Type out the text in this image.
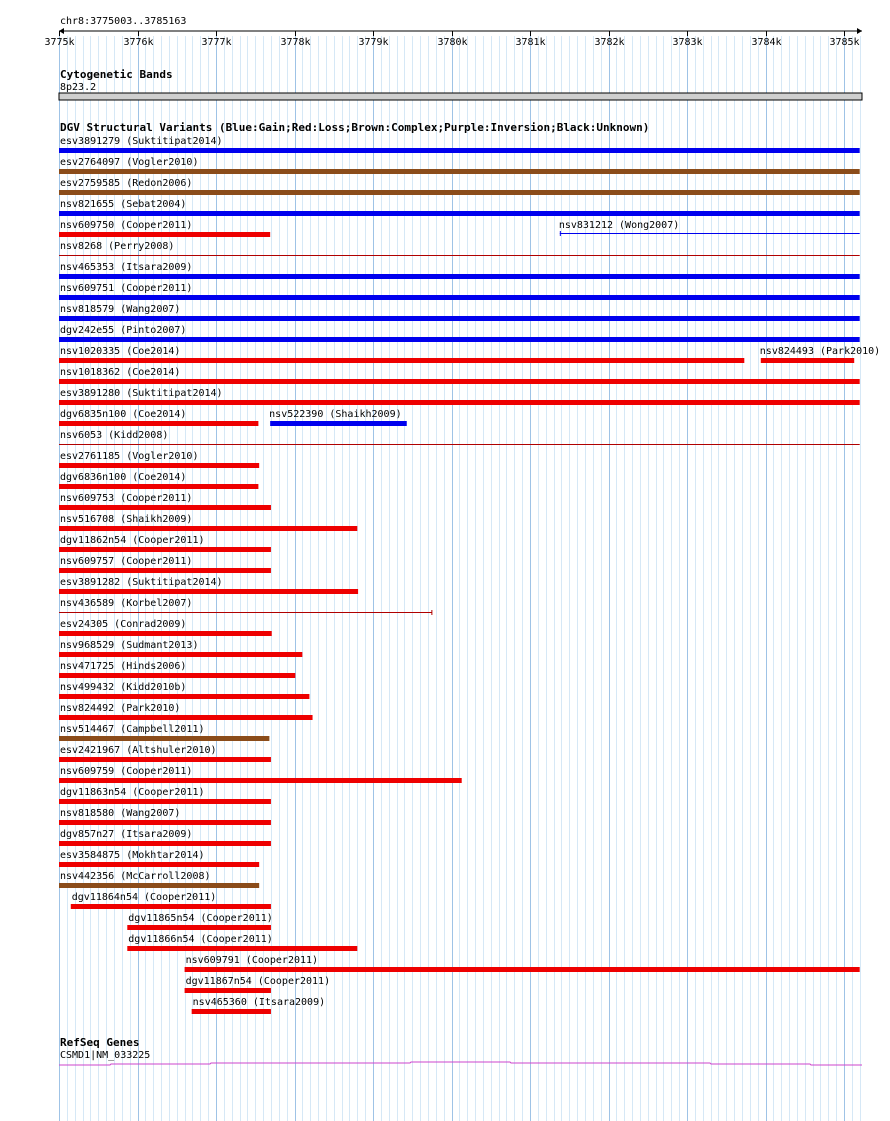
chr8:3775003..3785163
3775k	3776k	3777k	3778k	3779k	3780k	3781k	3782k	3783k	3784k	3785k
Cytogenetic Bands
8p23.2
DGV Structural Variants (Blue:Gain;Red:Loss;Brown:Complex;Purple:Inversion;Black:Unknown)
esv3891279 (Suktitipat2014)
esv2764097 (Vogler2010)
esv2759585 (Redon2006)
nsv821655 (Sebat2004)
nsv609750 (Cooper2011)	nsv831212 (Wong2007)
nsv8268 (Perry2008)
nsv465353 (Itsara2009)
nsv609751 (Cooper2011)
nsv818579 (Wang2007)
dgv242e55 (Pinto2007)
nsv1020335 (Coe2014)	nsv824493 (Park2010)
nsv1018362 (Coe2014)
esv3891280 (Suktitipat2014)
dgv6835n100 (Coe2014)	nsv522390 (Shaikh2009)
nsv6053 (Kidd2008)
esv2761185 (Vogler2010)
dgv6836n100 (Coe2014)
nsv609753 (Cooper2011)
nsv516708 (Shaikh2009)
dgv11862n54 (Cooper2011)
nsv609757 (Cooper2011)
esv3891282 (Suktitipat2014)
nsv436589 (Korbel2007)
esv24305 (Conrad2009)
nsv968529 (Sudmant2013)
nsv471725 (Hinds2006)
nsv499432 (Kidd2010b)
nsv824492 (Park2010)
nsv514467 (Campbell2011)
esv2421967 (Altshuler2010)
nsv609759 (Cooper2011)
dgv11863n54 (Cooper2011)
nsv818580 (Wang2007)
dgv857n27 (Itsara2009)
esv3584875 (Mokhtar2014)
nsv442356 (McCarroll2008)
dgv11864n54 (Cooper2011)
dgv11865n54 (Cooper2011)
dgv11866n54 (Cooper2011)
nsv609791 (Cooper2011)
dgv11867n54 (Cooper2011)
nsv465360 (Itsara2009)
RefSeq Genes
CSMD1|NM_033225
